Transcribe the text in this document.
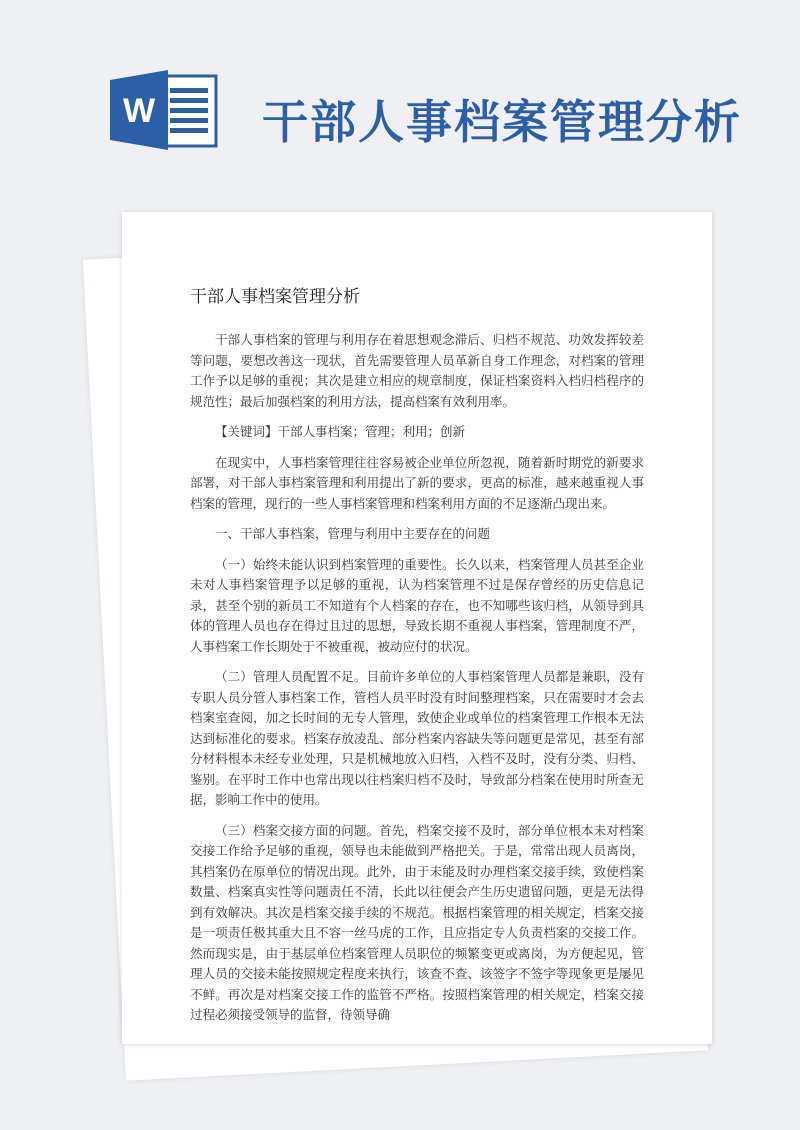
W 干部人事档案管理分析
干部人事档案管理分析

干部人事档案的管理与利用存在着思想观念滞后、归档不规范、功效发挥较差等问题，要想改善这一现状，首先需要管理人员革新自身工作理念，对档案的管理工作予以足够的重视；其次是建立相应的规章制度，保证档案资料入档归档程序的规范性；最后加强档案的利用方法，提高档案有效利用率。

【关键词】干部人事档案；管理；利用；创新

在现实中，人事档案管理往往容易被企业单位所忽视，随着新时期党的新要求部署，对干部人事档案管理和利用提出了新的要求，更高的标准，越来越重视人事档案的管理，现行的一些人事档案管理和档案利用方面的不足逐渐凸现出来。

一、干部人事档案，管理与利用中主要存在的问题

（一）始终未能认识到档案管理的重要性。长久以来，档案管理人员甚至企业未对人事档案管理予以足够的重视，认为档案管理不过是保存曾经的历史信息记录，甚至个别的新员工不知道有个人档案的存在，也不知哪些该归档，从领导到具体的管理人员也存在得过且过的思想，导致长期不重视人事档案，管理制度不严，人事档案工作长期处于不被重视，被动应付的状况。

（二）管理人员配置不足。目前许多单位的人事档案管理人员都是兼职，没有专职人员分管人事档案工作，管档人员平时没有时间整理档案，只在需要时才会去档案室查阅，加之长时间的无专人管理，致使企业或单位的档案管理工作根本无法达到标准化的要求。档案存放凌乱、部分档案内容缺失等问题更是常见，甚至有部分材料根本未经专业处理，只是机械地放入归档，入档不及时，没有分类、归档、鉴别。在平时工作中也常出现以往档案归档不及时，导致部分档案在使用时所查无据，影响工作中的使用。

（三）档案交接方面的问题。首先，档案交接不及时，部分单位根本未对档案交接工作给予足够的重视，领导也未能做到严格把关。于是，常常出现人员离岗，其档案仍在原单位的情况出现。此外，由于未能及时办理档案交接手续，致使档案数量、档案真实性等问题责任不清，长此以往便会产生历史遗留问题，更是无法得到有效解决。其次是档案交接手续的不规范。根据档案管理的相关规定，档案交接是一项责任极其重大且不容一丝马虎的工作，且应指定专人负责档案的交接工作。然而现实是，由于基层单位档案管理人员职位的频繁变更或离岗，为方便起见，管理人员的交接未能按照规定程度来执行，该查不查、该签字不签字等现象更是屡见不鲜。再次是对档案交接工作的监管不严格。按照档案管理的相关规定，档案交接过程必须接受领导的监督，待领导确
